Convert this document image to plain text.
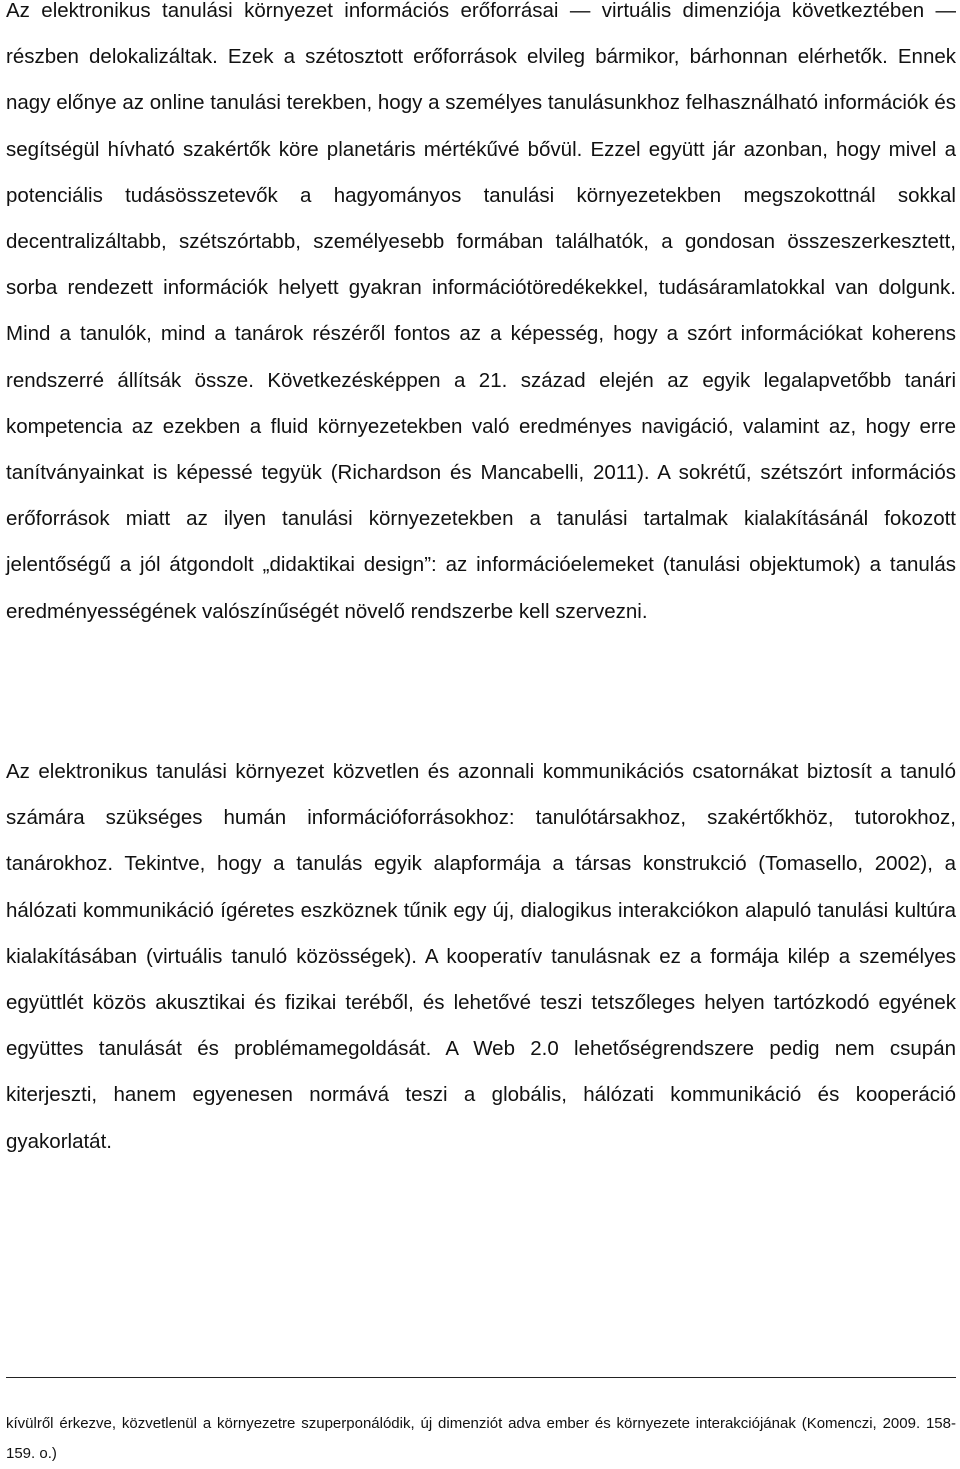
Az elektronikus tanulási környezet információs erőforrásai — virtuális dimenziója következtében — részben delokalizáltak. Ezek a szétosztott erőforrások elvileg bármikor, bárhonnan elérhetők. Ennek nagy előnye az online tanulási terekben, hogy a személyes tanulásunkhoz felhasználható információk és segítségül hívható szakértők köre planetáris mértékűvé bővül. Ezzel együtt jár azonban, hogy mivel a potenciális tudásösszetevők a hagyományos tanulási környezetekben megszokottnál sokkal decentralizáltabb, szétszórtabb, személyesebb formában találhatók, a gondosan összeszerkesztett, sorba rendezett információk helyett gyakran információtöredékekkel, tudásáramlatokkal van dolgunk. Mind a tanulók, mind a tanárok részéről fontos az a képesség, hogy a szórt információkat koherens rendszerré állítsák össze. Következésképpen a 21. század elején az egyik legalapvetőbb tanári kompetencia az ezekben a fluid környezetekben való eredményes navigáció, valamint az, hogy erre tanítványainkat is képessé tegyük (Richardson és Mancabelli, 2011). A sokrétű, szétszórt információs erőforrások miatt az ilyen tanulási környezetekben a tanulási tartalmak kialakításánál fokozott jelentőségű a jól átgondolt „didaktikai design”: az információelemeket (tanulási objektumok) a tanulás eredményességének valószínűségét növelő rendszerbe kell szervezni.

Az elektronikus tanulási környezet közvetlen és azonnali kommunikációs csatornákat biztosít a tanuló számára szükséges humán információforrásokhoz: tanulótársakhoz, szakértőkhöz, tutorokhoz, tanárokhoz. Tekintve, hogy a tanulás egyik alapformája a társas konstrukció (Tomasello, 2002), a hálózati kommunikáció ígéretes eszköznek tűnik egy új, dialogikus interakciókon alapuló tanulási kultúra kialakításában (virtuális tanuló közösségek). A kooperatív tanulásnak ez a formája kilép a személyes együttlét közös akusztikai és fizikai teréből, és lehetővé teszi tetszőleges helyen tartózkodó egyének együttes tanulását és problémamegoldását. A Web 2.0 lehetőségrendszere pedig nem csupán kiterjeszti, hanem egyenesen normává teszi a globális, hálózati kommunikáció és kooperáció gyakorlatát.

kívülről érkezve, közvetlenül a környezetre szuperponálódik, új dimenziót adva ember és környezete interakciójának (Komenczi, 2009. 158-159. o.)
